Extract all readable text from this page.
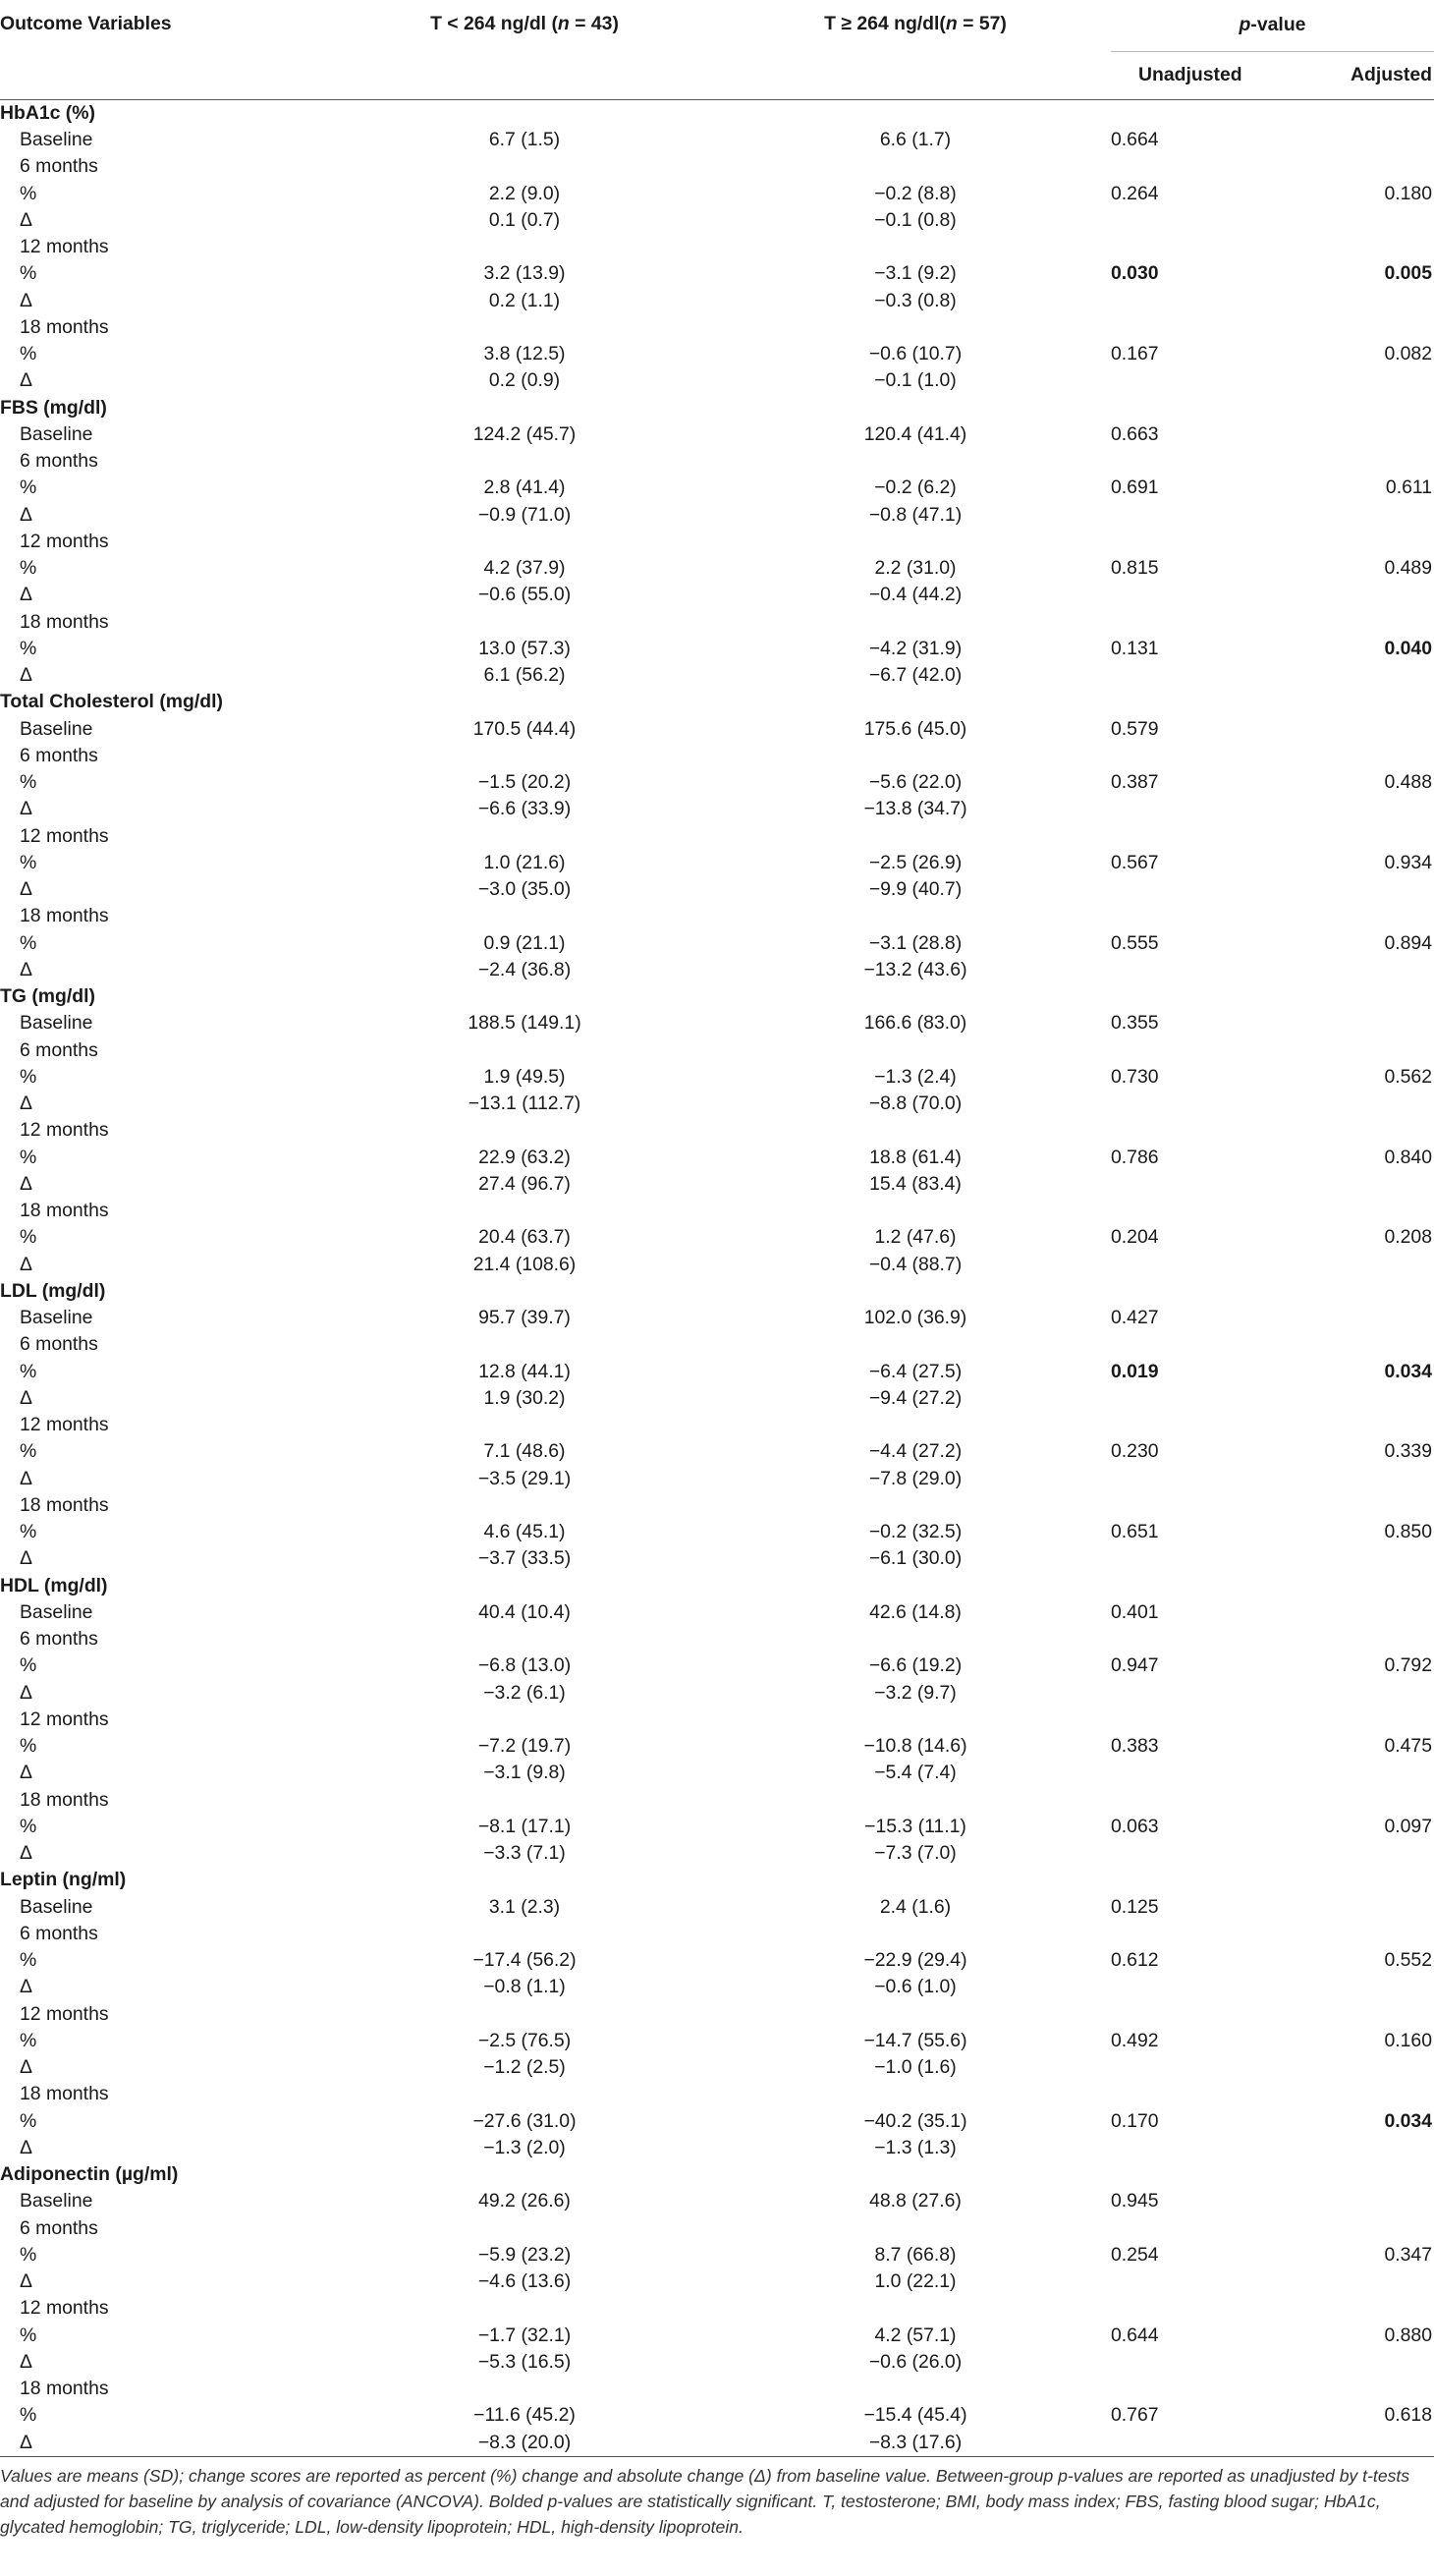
Outcome Variables	T < 264 ng/dl (n = 43)	T ≥ 264 ng/dl(n = 57)	p-value	
			Unadjusted	Adjusted
HbA1c (%)				
Baseline	6.7 (1.5)	6.6 (1.7)	0.664	
6 months				
%	2.2 (9.0)	−0.2 (8.8)	0.264	0.180
Δ	0.1 (0.7)	−0.1 (0.8)		
12 months				
%	3.2 (13.9)	−3.1 (9.2)	0.030	0.005
Δ	0.2 (1.1)	−0.3 (0.8)		
18 months				
%	3.8 (12.5)	−0.6 (10.7)	0.167	0.082
Δ	0.2 (0.9)	−0.1 (1.0)		
FBS (mg/dl)				
Baseline	124.2 (45.7)	120.4 (41.4)	0.663	
6 months				
%	2.8 (41.4)	−0.2 (6.2)	0.691	0.611
Δ	−0.9 (71.0)	−0.8 (47.1)		
12 months				
%	4.2 (37.9)	2.2 (31.0)	0.815	0.489
Δ	−0.6 (55.0)	−0.4 (44.2)		
18 months				
%	13.0 (57.3)	−4.2 (31.9)	0.131	0.040
Δ	6.1 (56.2)	−6.7 (42.0)		
Total Cholesterol (mg/dl)				
Baseline	170.5 (44.4)	175.6 (45.0)	0.579	
6 months				
%	−1.5 (20.2)	−5.6 (22.0)	0.387	0.488
Δ	−6.6 (33.9)	−13.8 (34.7)		
12 months				
%	1.0 (21.6)	−2.5 (26.9)	0.567	0.934
Δ	−3.0 (35.0)	−9.9 (40.7)		
18 months				
%	0.9 (21.1)	−3.1 (28.8)	0.555	0.894
Δ	−2.4 (36.8)	−13.2 (43.6)		
TG (mg/dl)				
Baseline	188.5 (149.1)	166.6 (83.0)	0.355	
6 months				
%	1.9 (49.5)	−1.3 (2.4)	0.730	0.562
Δ	−13.1 (112.7)	−8.8 (70.0)		
12 months				
%	22.9 (63.2)	18.8 (61.4)	0.786	0.840
Δ	27.4 (96.7)	15.4 (83.4)		
18 months				
%	20.4 (63.7)	1.2 (47.6)	0.204	0.208
Δ	21.4 (108.6)	−0.4 (88.7)		
LDL (mg/dl)				
Baseline	95.7 (39.7)	102.0 (36.9)	0.427	
6 months				
%	12.8 (44.1)	−6.4 (27.5)	0.019	0.034
Δ	1.9 (30.2)	−9.4 (27.2)		
12 months				
%	7.1 (48.6)	−4.4 (27.2)	0.230	0.339
Δ	−3.5 (29.1)	−7.8 (29.0)		
18 months				
%	4.6 (45.1)	−0.2 (32.5)	0.651	0.850
Δ	−3.7 (33.5)	−6.1 (30.0)		
HDL (mg/dl)				
Baseline	40.4 (10.4)	42.6 (14.8)	0.401	
6 months				
%	−6.8 (13.0)	−6.6 (19.2)	0.947	0.792
Δ	−3.2 (6.1)	−3.2 (9.7)		
12 months				
%	−7.2 (19.7)	−10.8 (14.6)	0.383	0.475
Δ	−3.1 (9.8)	−5.4 (7.4)		
18 months				
%	−8.1 (17.1)	−15.3 (11.1)	0.063	0.097
Δ	−3.3 (7.1)	−7.3 (7.0)		
Leptin (ng/ml)				
Baseline	3.1 (2.3)	2.4 (1.6)	0.125	
6 months				
%	−17.4 (56.2)	−22.9 (29.4)	0.612	0.552
Δ	−0.8 (1.1)	−0.6 (1.0)		
12 months				
%	−2.5 (76.5)	−14.7 (55.6)	0.492	0.160
Δ	−1.2 (2.5)	−1.0 (1.6)		
18 months				
%	−27.6 (31.0)	−40.2 (35.1)	0.170	0.034
Δ	−1.3 (2.0)	−1.3 (1.3)		
Adiponectin (µg/ml)				
Baseline	49.2 (26.6)	48.8 (27.6)	0.945	
6 months				
%	−5.9 (23.2)	8.7 (66.8)	0.254	0.347
Δ	−4.6 (13.6)	1.0 (22.1)		
12 months				
%	−1.7 (32.1)	4.2 (57.1)	0.644	0.880
Δ	−5.3 (16.5)	−0.6 (26.0)		
18 months				
%	−11.6 (45.2)	−15.4 (45.4)	0.767	0.618
Δ	−8.3 (20.0)	−8.3 (17.6)		
Values are means (SD); change scores are reported as percent (%) change and absolute change (Δ) from baseline value. Between-group p-values are reported as unadjusted by t-tests and adjusted for baseline by analysis of covariance (ANCOVA). Bolded p-values are statistically significant. T, testosterone; BMI, body mass index; FBS, fasting blood sugar; HbA1c, glycated hemoglobin; TG, triglyceride; LDL, low-density lipoprotein; HDL, high-density lipoprotein.
